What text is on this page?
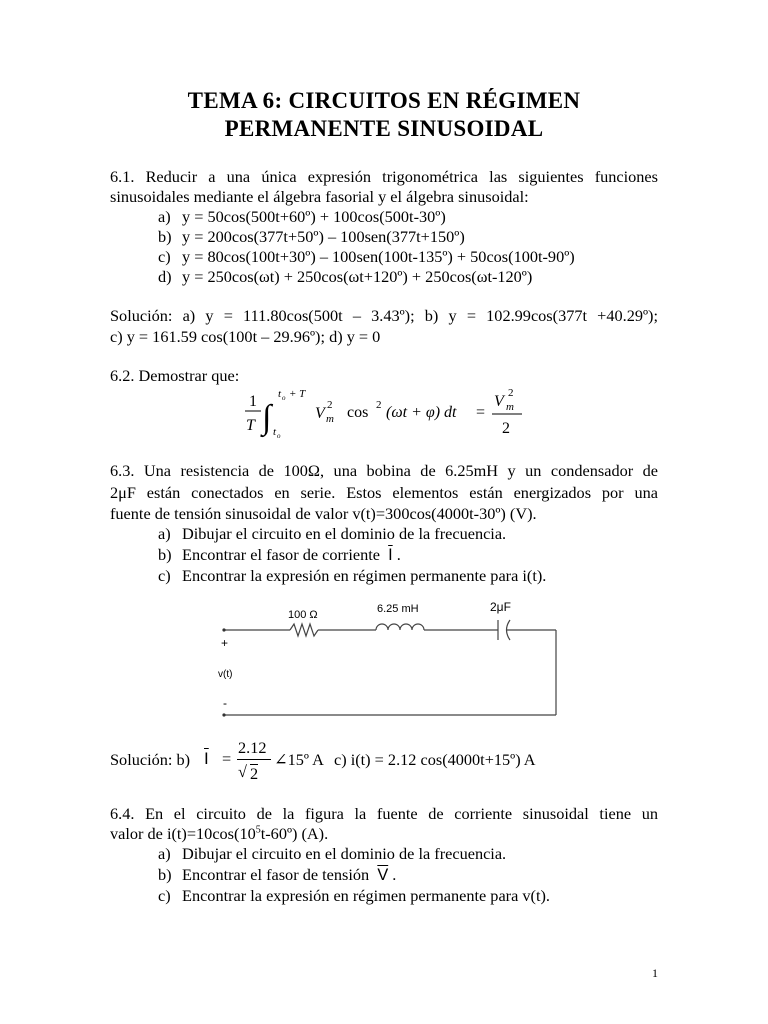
TEMA 6: CIRCUITOS EN RÉGIMEN
PERMANENTE SINUSOIDAL
6.1. Reducir a una única expresión trigonométrica las siguientes funciones
sinusoidales mediante el álgebra fasorial y el álgebra sinusoidal:
a) y = 50cos(500t+60º) + 100cos(500t-30º)
b) y = 200cos(377t+50º) – 100sen(377t+150º)
c) y = 80cos(100t+30º) – 100sen(100t-135º) + 50cos(100t-90º)
d) y = 250cos(ωt) + 250cos(ωt+120º) + 250cos(ωt-120º)
Solución: a) y = 111.80cos(500t – 3.43º); b) y = 102.99cos(377t +40.29º);
c) y = 161.59 cos(100t – 29.96º); d) y = 0
6.2. Demostrar que:
1
T ∫
t o + T
t o
V 2
m cos 2 (ωt + φ) dt =
V 2
m
2
6.3. Una resistencia de 100Ω, una bobina de 6.25mH y un condensador de
2μF están conectados en serie. Estos elementos están energizados por una
fuente de tensión sinusoidal de valor v(t)=300cos(4000t-30º) (V).
a) Dibujar el circuito en el dominio de la frecuencia.
b) Encontrar el fasor de corriente $\overline{I}$ .
c) Encontrar la expresión en régimen permanente para i(t).
100 Ω	6.25 mH	2μF
+
v(t)
-
Solución: b) $\overline{I}$ =
2.12
√ 2
∠15º A c) i(t) = 2.12 cos(4000t+15º) A
6.4. En el circuito de la figura la fuente de corriente sinusoidal tiene un
valor de $i(t)=10\cos(10^5t-60º)$ (A).
a) Dibujar el circuito en el dominio de la frecuencia.
b) Encontrar el fasor de tensión $\overline{V}$ .
c) Encontrar la expresión en régimen permanente para v(t).
1
